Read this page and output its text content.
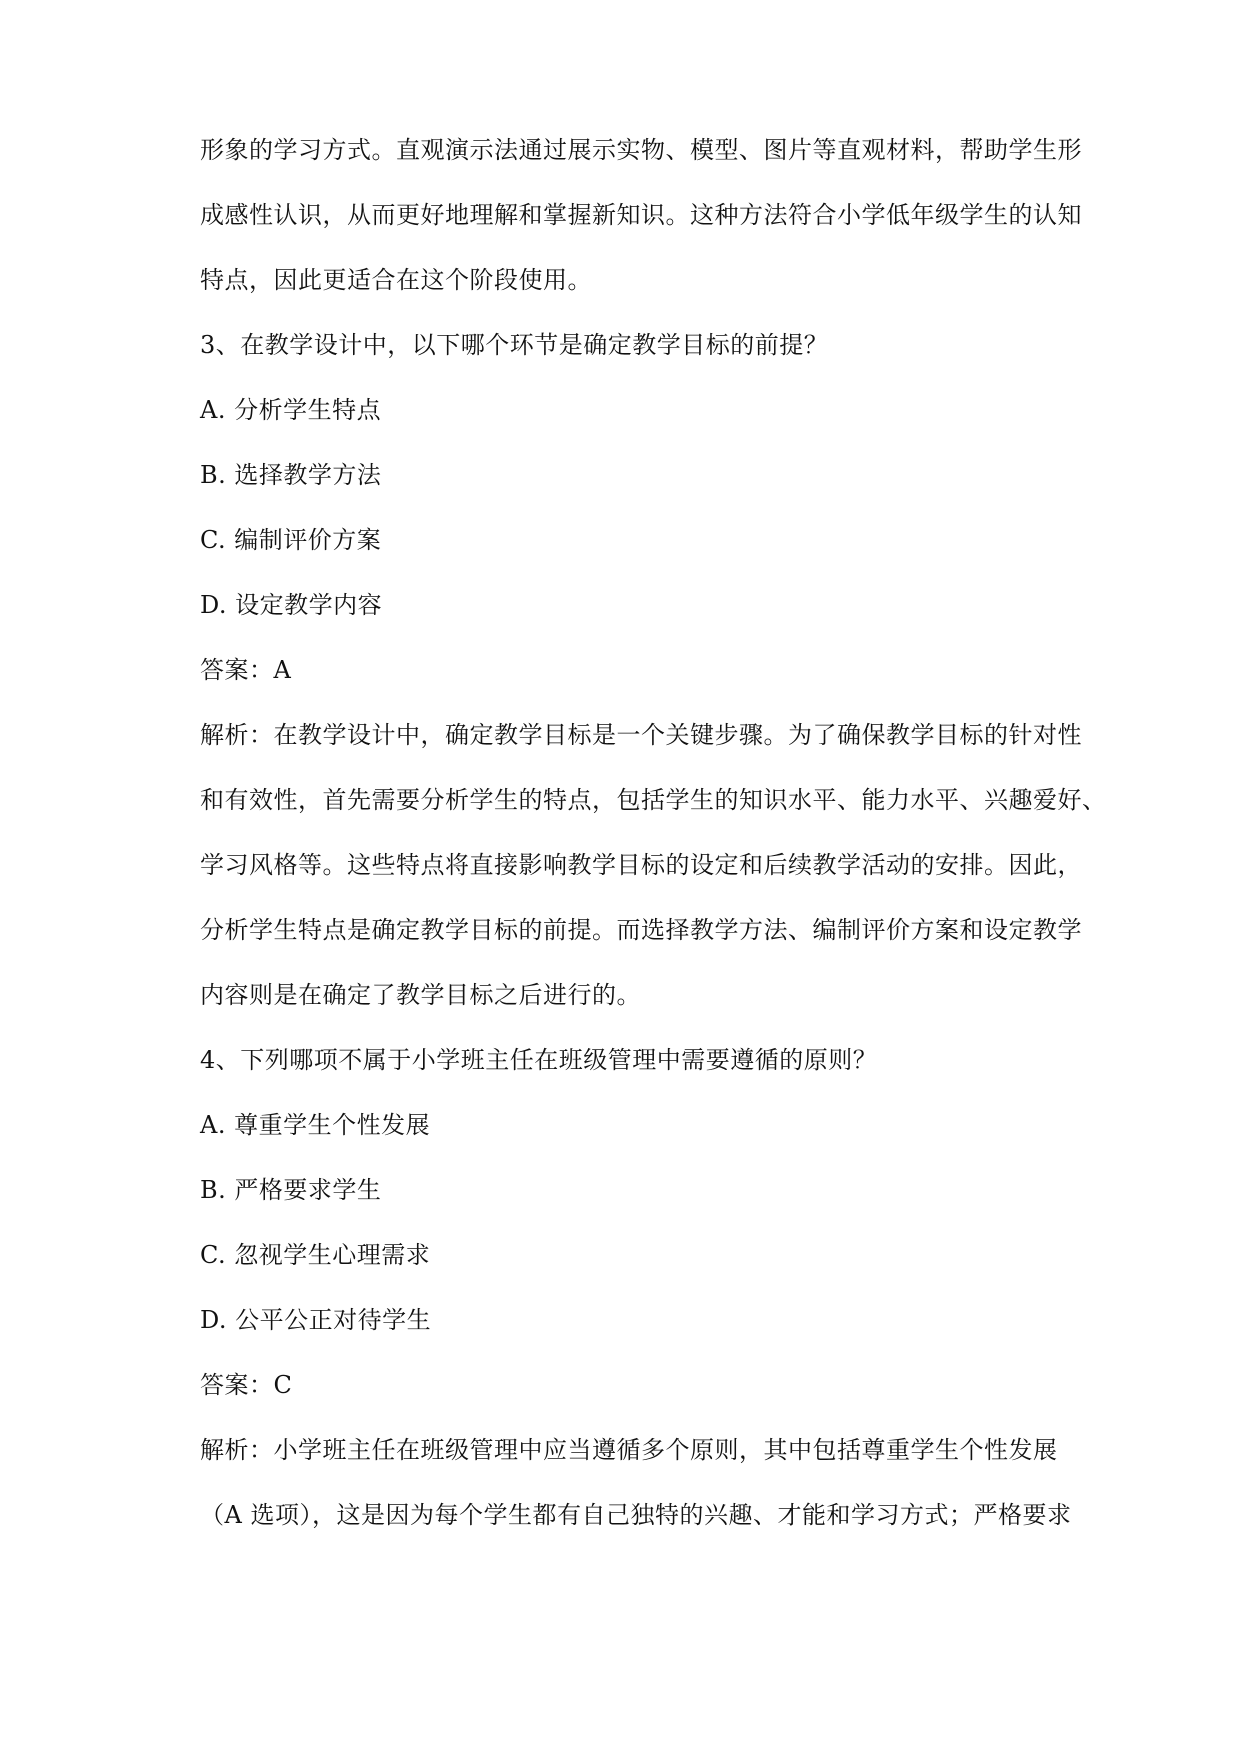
形象的学习方式。直观演示法通过展示实物、模型、图片等直观材料，帮助学生形
成感性认识，从而更好地理解和掌握新知识。这种方法符合小学低年级学生的认知
特点，因此更适合在这个阶段使用。
3、在教学设计中，以下哪个环节是确定教学目标的前提？
A. 分析学生特点
B. 选择教学方法
C. 编制评价方案
D. 设定教学内容
答案：A
解析：在教学设计中，确定教学目标是一个关键步骤。为了确保教学目标的针对性
和有效性，首先需要分析学生的特点，包括学生的知识水平、能力水平、兴趣爱好、
学习风格等。这些特点将直接影响教学目标的设定和后续教学活动的安排。因此，
分析学生特点是确定教学目标的前提。而选择教学方法、编制评价方案和设定教学
内容则是在确定了教学目标之后进行的。
4、下列哪项不属于小学班主任在班级管理中需要遵循的原则？
A. 尊重学生个性发展
B. 严格要求学生
C. 忽视学生心理需求
D. 公平公正对待学生
答案：C
解析：小学班主任在班级管理中应当遵循多个原则，其中包括尊重学生个性发展
（A 选项），这是因为每个学生都有自己独特的兴趣、才能和学习方式；严格要求
